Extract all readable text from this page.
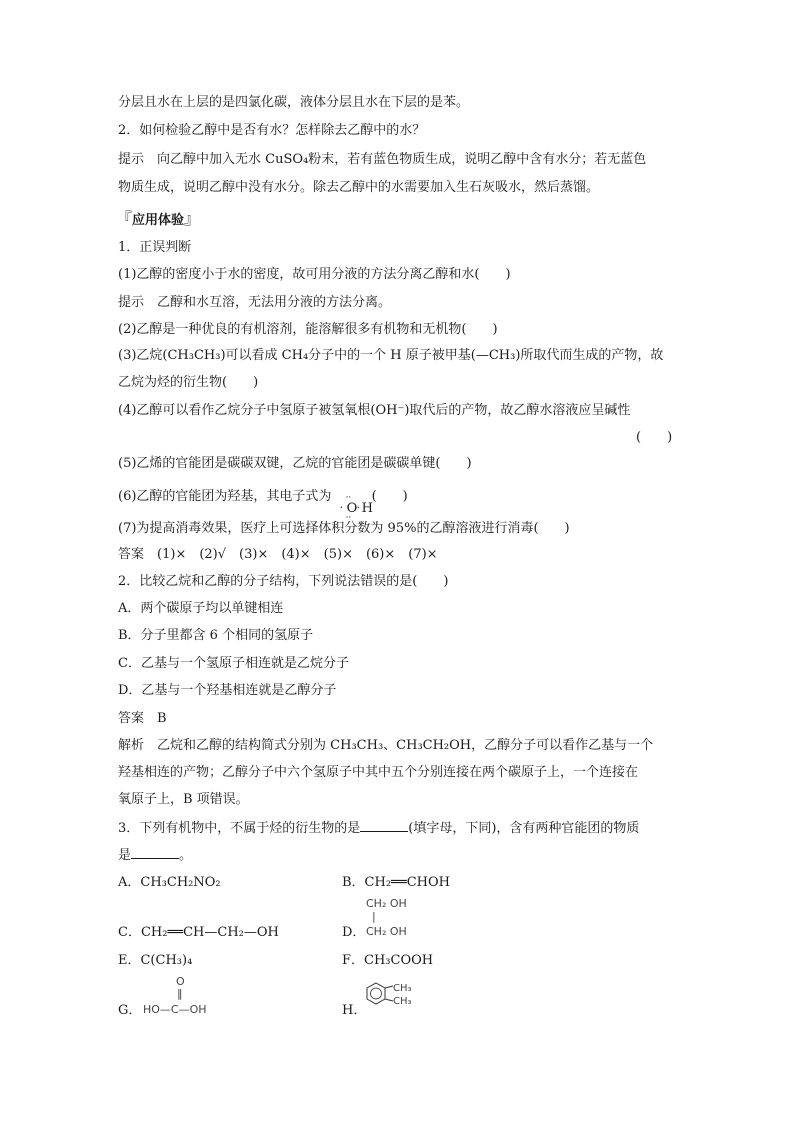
分层且水在上层的是四氯化碳，液体分层且水在下层的是苯。
2．如何检验乙醇中是否有水？怎样除去乙醇中的水？
提示　 向乙醇中加入无水 CuSO₄粉末，若有蓝色物质生成，说明乙醇中含有水分；若无蓝色
物质生成，说明乙醇中没有水分。除去乙醇中的水需要加入生石灰吸水，然后蒸馏。
『应用体验』
1．正误判断
(1)乙醇的密度小于水的密度，故可用分液的方法分离乙醇和水(　　)
提示　 乙醇和水互溶，无法用分液的方法分离。
(2)乙醇是一种优良的有机溶剂，能溶解很多有机物和无机物(　　)
(3)乙烷(CH₃CH₃)可以看成 CH₄分子中的一个 H 原子被甲基(—CH₃)所取代而生成的产物，故
乙烷为烃的衍生物(　　)
(4)乙醇可以看作乙烷分子中氢原子被氢氧根(OH⁻)取代后的产物，故乙醇水溶液应呈碱性
(　　)
(5)乙烯的官能团是碳碳双键，乙烷的官能团是碳碳单键(　　)
(6)乙醇的官能团为羟基，其电子式为 ··
· O ·
··
H
(　　)
(7)为提高消毒效果，医疗上可选择体积分数为 95%的乙醇溶液进行消毒(　　)
答案　 (1)×　(2)√　(3)×　(4)×　(5)×　(6)×　(7)×
2．比较乙烷和乙醇的分子结构，下列说法错误的是(　　)
A．两个碳原子均以单键相连
B．分子里都含 6 个相同的氢原子
C．乙基与一个氢原子相连就是乙烷分子
D．乙基与一个羟基相连就是乙醇分子
答案　 B
解析　 乙烷和乙醇的结构简式分别为 CH₃CH₃、CH₃CH₂OH，乙醇分子可以看作乙基与一个
羟基相连的产物；乙醇分子中六个氢原子中其中五个分别连接在两个碳原子上，一个连接在
氧原子上，B 项错误。
3．下列有机物中，不属于烃的衍生物的是	(填字母，下同)，含有两种官能团的物质
是	。
A．CH₃CH₂NO₂	B．CH₂══CHOH
C．CH₂══CH—CH₂—OH	D．
CH₂ OH
|
CH₂ OH
E．C(CH₃)₄	F．CH₃COOH
G．
O
‖
HO—C—OH	H．
CH₃
CH₃
